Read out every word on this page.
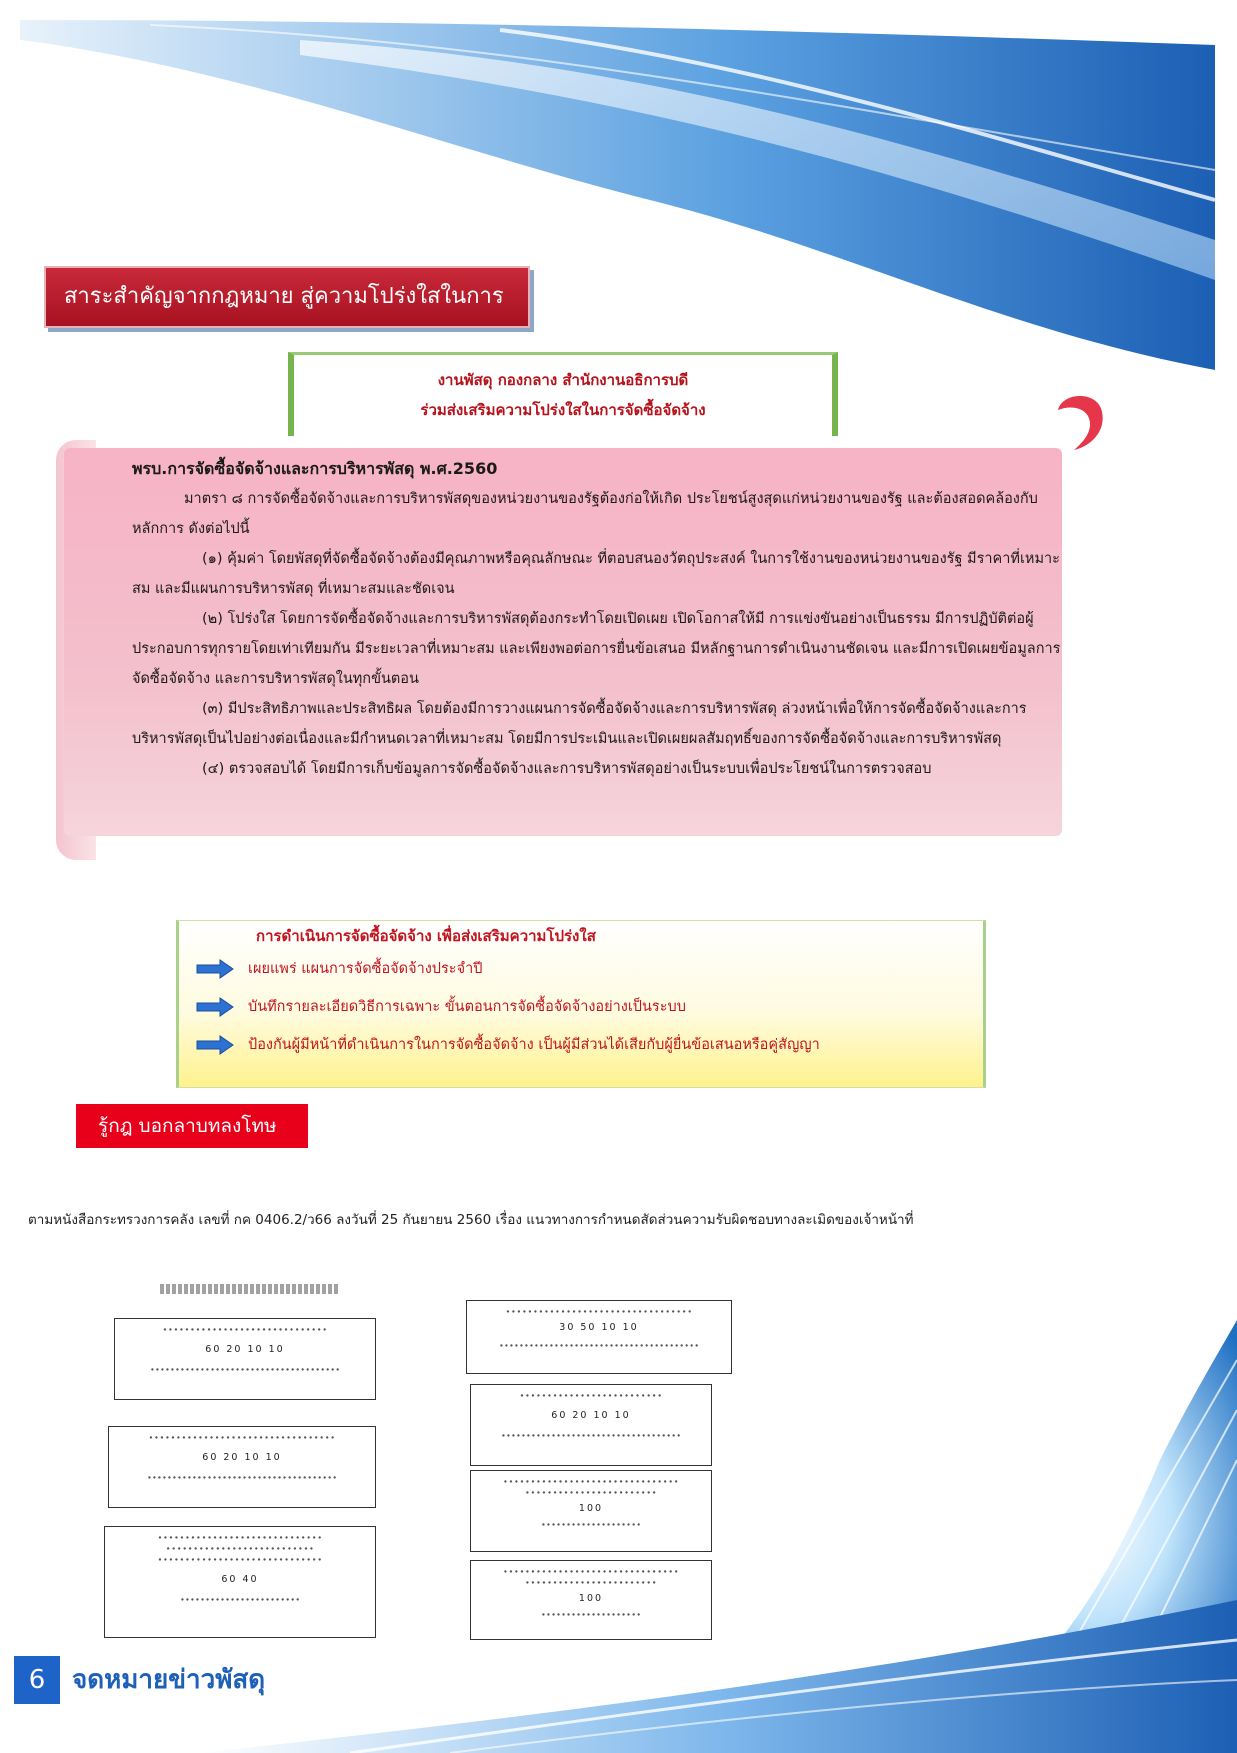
สาระสำคัญจากกฎหมาย สู่ความโปร่งใสในการจัดซื้อจัดจ้าง
งานพัสดุ กองกลาง สำนักงานอธิการบดี
ร่วมส่งเสริมความโปร่งใสในการจัดซื้อจัดจ้าง

พรบ.การจัดซื้อจัดจ้างและการบริหารพัสดุ พ.ศ.2560

มาตรา ๘ การจัดซื้อจัดจ้างและการบริหารพัสดุของหน่วยงานของรัฐต้องก่อให้เกิด ประโยชน์สูงสุดแก่หน่วยงานของรัฐ และต้องสอดคล้องกับหลักการ ดังต่อไปนี้

(๑) คุ้มค่า โดยพัสดุที่จัดซื้อจัดจ้างต้องมีคุณภาพหรือคุณลักษณะ ที่ตอบสนองวัตถุประสงค์ ในการใช้งานของหน่วยงานของรัฐ มีราคาที่เหมาะสม และมีแผนการบริหารพัสดุ ที่เหมาะสมและชัดเจน

(๒) โปร่งใส โดยการจัดซื้อจัดจ้างและการบริหารพัสดุต้องกระทำโดยเปิดเผย เปิดโอกาสให้มี การแข่งขันอย่างเป็นธรรม มีการปฏิบัติต่อผู้ประกอบการทุกรายโดยเท่าเทียมกัน มีระยะเวลาที่เหมาะสม และเพียงพอต่อการยื่นข้อเสนอ มีหลักฐานการดำเนินงานชัดเจน และมีการเปิดเผยข้อมูลการจัดซื้อจัดจ้าง และการบริหารพัสดุในทุกขั้นตอน

(๓) มีประสิทธิภาพและประสิทธิผล โดยต้องมีการวางแผนการจัดซื้อจัดจ้างและการบริหารพัสดุ ล่วงหน้าเพื่อให้การจัดซื้อจัดจ้างและการบริหารพัสดุเป็นไปอย่างต่อเนื่องและมีกำหนดเวลาที่เหมาะสม โดยมีการประเมินและเปิดเผยผลสัมฤทธิ์ของการจัดซื้อจัดจ้างและการบริหารพัสดุ

(๔) ตรวจสอบได้ โดยมีการเก็บข้อมูลการจัดซื้อจัดจ้างและการบริหารพัสดุอย่างเป็นระบบเพื่อประโยชน์ในการตรวจสอบ

การดำเนินการจัดซื้อจัดจ้าง เพื่อส่งเสริมความโปร่งใส
เผยแพร่ แผนการจัดซื้อจัดจ้างประจำปี
บันทึกรายละเอียดวิธีการเฉพาะ ขั้นตอนการจัดซื้อจัดจ้างอย่างเป็นระบบ
ป้องกันผู้มีหน้าที่ดำเนินการในการจัดซื้อจัดจ้าง เป็นผู้มีส่วนได้เสียกับผู้ยื่นข้อเสนอหรือคู่สัญญา
รู้กฎ บอกลาบทลงโทษ
ตามหนังสือกระทรวงการคลัง เลขที่ กค 0406.2/ว66 ลงวันที่ 25 กันยายน 2560 เรื่อง แนวทางการกำหนดสัดส่วนความรับผิดชอบทางละเมิดของเจ้าหน้าที่
∙∙∙∙∙∙∙∙∙∙∙∙∙∙∙∙∙∙∙∙∙∙∙∙∙∙∙∙∙∙
60 20 10 10
∙∙∙∙∙∙∙∙∙∙∙∙∙∙∙∙∙∙∙∙∙∙∙∙∙∙∙∙∙∙∙∙∙∙∙∙∙∙
∙∙∙∙∙∙∙∙∙∙∙∙∙∙∙∙∙∙∙∙∙∙∙∙∙∙∙∙∙∙∙∙∙∙
60 20 10 10
∙∙∙∙∙∙∙∙∙∙∙∙∙∙∙∙∙∙∙∙∙∙∙∙∙∙∙∙∙∙∙∙∙∙∙∙∙∙
∙∙∙∙∙∙∙∙∙∙∙∙∙∙∙∙∙∙∙∙∙∙∙∙∙∙∙∙∙∙
∙∙∙∙∙∙∙∙∙∙∙∙∙∙∙∙∙∙∙∙∙∙∙∙∙∙∙
∙∙∙∙∙∙∙∙∙∙∙∙∙∙∙∙∙∙∙∙∙∙∙∙∙∙∙∙∙∙
60 40
∙∙∙∙∙∙∙∙∙∙∙∙∙∙∙∙∙∙∙∙∙∙∙∙
∙∙∙∙∙∙∙∙∙∙∙∙∙∙∙∙∙∙∙∙∙∙∙∙∙∙∙∙∙∙∙∙∙∙
30 50 10 10
∙∙∙∙∙∙∙∙∙∙∙∙∙∙∙∙∙∙∙∙∙∙∙∙∙∙∙∙∙∙∙∙∙∙∙∙∙∙∙∙
∙∙∙∙∙∙∙∙∙∙∙∙∙∙∙∙∙∙∙∙∙∙∙∙∙∙
60 20 10 10
∙∙∙∙∙∙∙∙∙∙∙∙∙∙∙∙∙∙∙∙∙∙∙∙∙∙∙∙∙∙∙∙∙∙∙∙
∙∙∙∙∙∙∙∙∙∙∙∙∙∙∙∙∙∙∙∙∙∙∙∙∙∙∙∙∙∙∙∙
∙∙∙∙∙∙∙∙∙∙∙∙∙∙∙∙∙∙∙∙∙∙∙∙
100
∙∙∙∙∙∙∙∙∙∙∙∙∙∙∙∙∙∙∙∙
∙∙∙∙∙∙∙∙∙∙∙∙∙∙∙∙∙∙∙∙∙∙∙∙∙∙∙∙∙∙∙∙
∙∙∙∙∙∙∙∙∙∙∙∙∙∙∙∙∙∙∙∙∙∙∙∙
100
∙∙∙∙∙∙∙∙∙∙∙∙∙∙∙∙∙∙∙∙
6	จดหมายข่าวพัสดุ
